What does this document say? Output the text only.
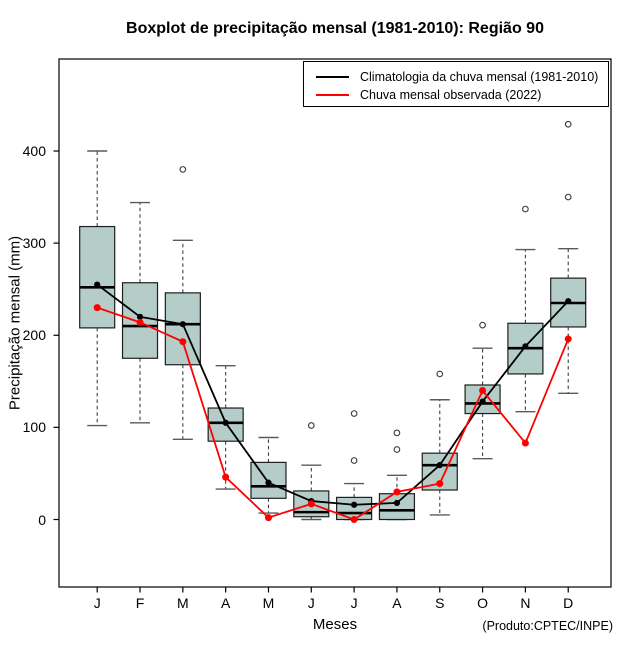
Boxplot de precipitação mensal (1981-2010): Região 90
Precipitação mensal (mm)
Meses	(Produto:CPTEC/INPE)
Climatologia da chuva mensal (1981-2010)
Chuva mensal observada (2022)
0
100
200
300
400
J	F	M	A	M	J	J	A	S	O	N	D
